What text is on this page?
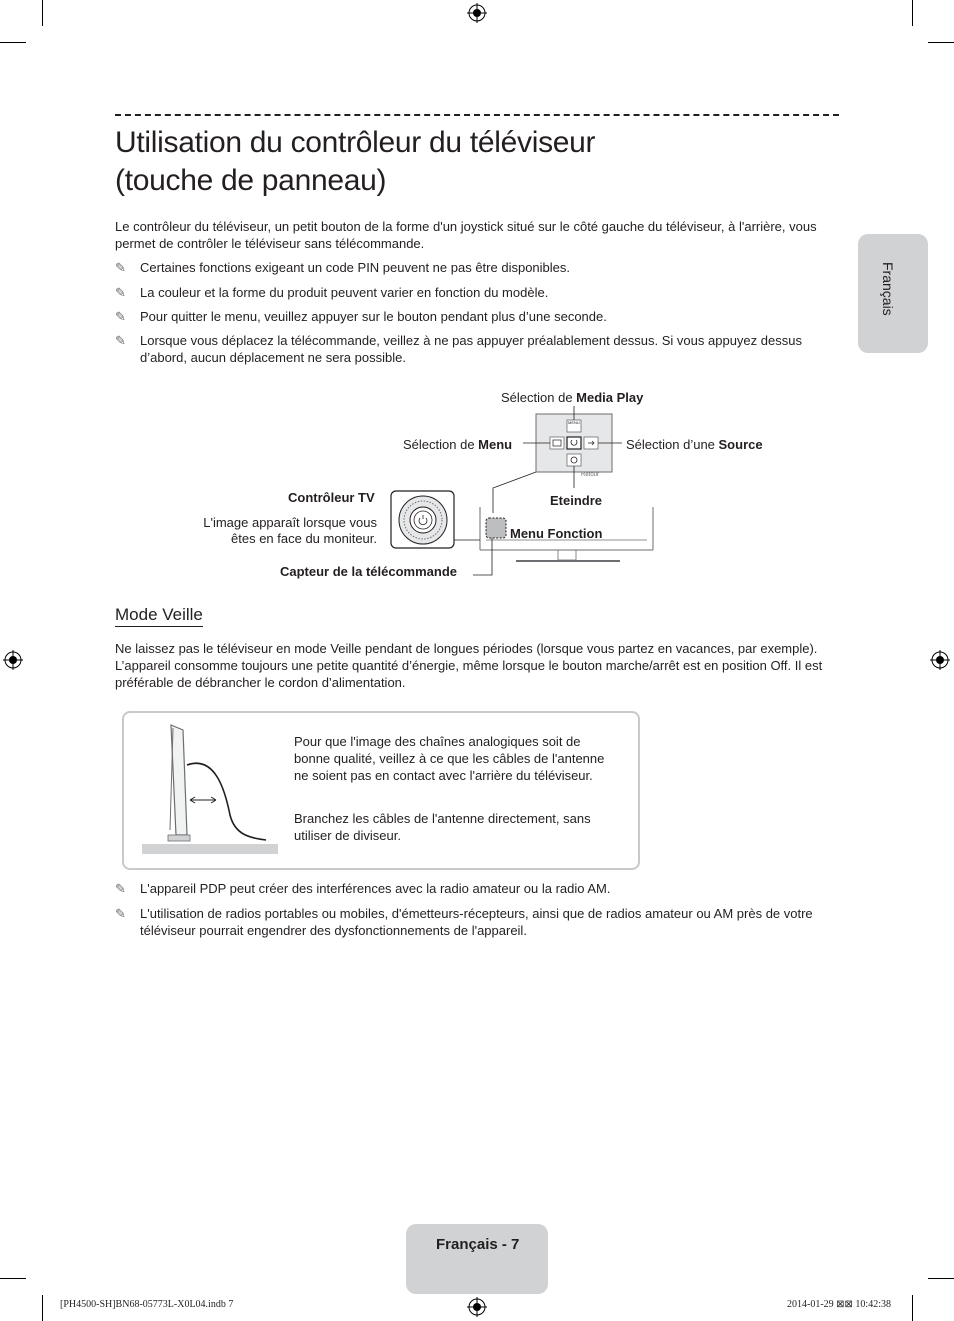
Utilisation du contrôleur du téléviseur
(touche de panneau)
Français
Le contrôleur du téléviseur, un petit bouton de la forme d'un joystick situé sur le côté gauche du téléviseur, à l'arrière, vous permet de contrôler le téléviseur sans télécommande.
✎	Certaines fonctions exigeant un code PIN peuvent ne pas être disponibles.
✎	La couleur et la forme du produit peuvent varier en fonction du modèle.
✎	Pour quitter le menu, veuillez appuyer sur le bouton pendant plus d’une seconde.
✎	Lorsque vous déplacez la télécommande, veillez à ne pas appuyer préalablement dessus. Si vous appuyez dessus d’abord, aucun déplacement ne sera possible.
Sélection de Media Play
Sélection de Menu	Sélection d’une Source
MENU
Retour
Eteindre
Contrôleur TV
L'image apparaît lorsque vous
êtes en face du moniteur.	Menu Fonction
Capteur de la télécommande
Mode Veille
Ne laissez pas le téléviseur en mode Veille pendant de longues périodes (lorsque vous partez en vacances, par exemple). L’appareil consomme toujours une petite quantité d’énergie, même lorsque le bouton marche/arrêt est en position Off. Il est préférable de débrancher le cordon d’alimentation.
Pour que l'image des chaînes analogiques soit de bonne qualité, veillez à ce que les câbles de l'antenne ne soient pas en contact avec l'arrière du téléviseur.
Branchez les câbles de l'antenne directement, sans utiliser de diviseur.
✎	L'appareil PDP peut créer des interférences avec la radio amateur ou la radio AM.
✎	L'utilisation de radios portables ou mobiles, d'émetteurs-récepteurs, ainsi que de radios amateur ou AM près de votre téléviseur pourrait engendrer des dysfonctionnements de l'appareil.
Français - 7
[PH4500-SH]BN68-05773L-X0L04.indb 7	2014-01-29 ⊠⊠ 10:42:38
